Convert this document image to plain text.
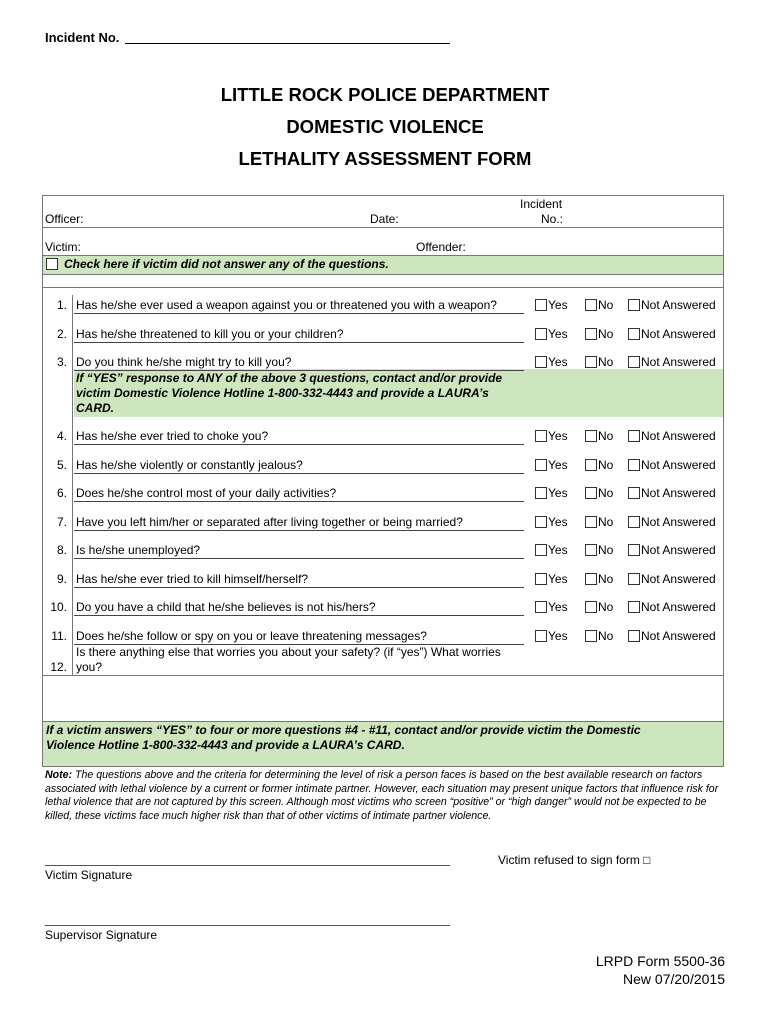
Incident No.
LITTLE ROCK POLICE DEPARTMENT
DOMESTIC VIOLENCE
LETHALITY ASSESSMENT FORM
Officer:	Date:
Incident
No.:
Victim:	Offender:
Check here if victim did not answer any of the questions.
1. Has he/she ever used a weapon against you or threatened you with a weapon?	Yes	No Not Answered
2. Has he/she threatened to kill you or your children?	Yes	No Not Answered
3. Do you think he/she might try to kill you?	Yes	No Not Answered
4. Has he/she ever tried to choke you?	Yes	No Not Answered
5. Has he/she violently or constantly jealous?	Yes	No Not Answered
6. Does he/she control most of your daily activities?	Yes	No Not Answered
7. Have you left him/her or separated after living together or being married?	Yes	No Not Answered
8. Is he/she unemployed?	Yes	No Not Answered
9. Has he/she ever tried to kill himself/herself?	Yes	No Not Answered
10. Do you have a child that he/she believes is not his/hers?	Yes	No Not Answered
11. Does he/she follow or spy on you or leave threatening messages?	Yes	No Not Answered
If “YES” response to ANY of the above 3 questions, contact and/or provide
victim Domestic Violence Hotline 1-800-332-4443 and provide a LAURA’s
CARD.
12.
Is there anything else that worries you about your safety? (if “yes”) What worries
you?
If a victim answers “YES” to four or more questions #4 - #11, contact and/or provide victim the Domestic
Violence Hotline 1-800-332-4443 and provide a LAURA’s CARD.
Note: The questions above and the criteria for determining the level of risk a person faces is based on the best available research on factors associated with lethal violence by a current or former intimate partner. However, each situation may present unique factors that influence risk for lethal violence that are not captured by this screen. Although most victims who screen “positive” or “high danger” would not be expected to be killed, these victims face much higher risk than that of other victims of intimate partner violence.
Victim refused to sign form □
Victim Signature
Supervisor Signature
LRPD Form 5500-36
New 07/20/2015
